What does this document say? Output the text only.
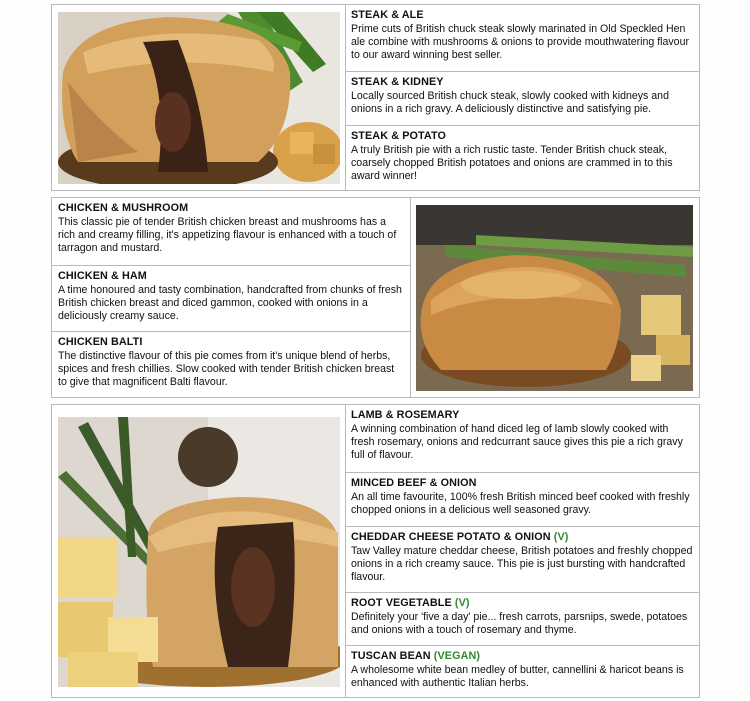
STEAK & ALE
Prime cuts of British chuck steak slowly marinated in Old Speckled Hen ale combine with mushrooms & onions to provide mouthwatering flavour to our award winning best seller.
STEAK & KIDNEY
Locally sourced British chuck steak, slowly cooked with kidneys and onions in a rich gravy. A deliciously distinctive and satisfying pie.
STEAK & POTATO
A truly British pie with a rich rustic taste. Tender British chuck steak, coarsely chopped British potatoes and onions are crammed in to this award winner!
CHICKEN & MUSHROOM
This classic pie of tender British chicken breast and mushrooms has a rich and creamy filling, it's appetizing flavour is enhanced with a touch of tarragon and mustard.
CHICKEN & HAM
A time honoured and tasty combination, handcrafted from chunks of fresh British chicken breast and diced gammon, cooked with onions in a deliciously creamy sauce.
CHICKEN BALTI
The distinctive flavour of this pie comes from it's unique blend of herbs, spices and fresh chillies. Slow cooked with tender British chicken breast to give that magnificent Balti flavour.
LAMB & ROSEMARY
A winning combination of hand diced leg of lamb slowly cooked with fresh rosemary, onions and redcurrant sauce gives this pie a rich gravy full of flavour.
MINCED BEEF & ONION
An all time favourite, 100% fresh British minced beef cooked with freshly chopped onions in a delicious well seasoned gravy.
CHEDDAR CHEESE POTATO & ONION (V)
Taw Valley mature cheddar cheese, British potatoes and freshly chopped onions in a rich creamy sauce. This pie is just bursting with handcrafted flavour.
ROOT VEGETABLE (V)
Definitely your 'five a day' pie... fresh carrots, parsnips, swede, potatoes and onions with a touch of rosemary and thyme.
TUSCAN BEAN (VEGAN)
A wholesome white bean medley of butter, cannellini & haricot beans is enhanced with authentic Italian herbs.
